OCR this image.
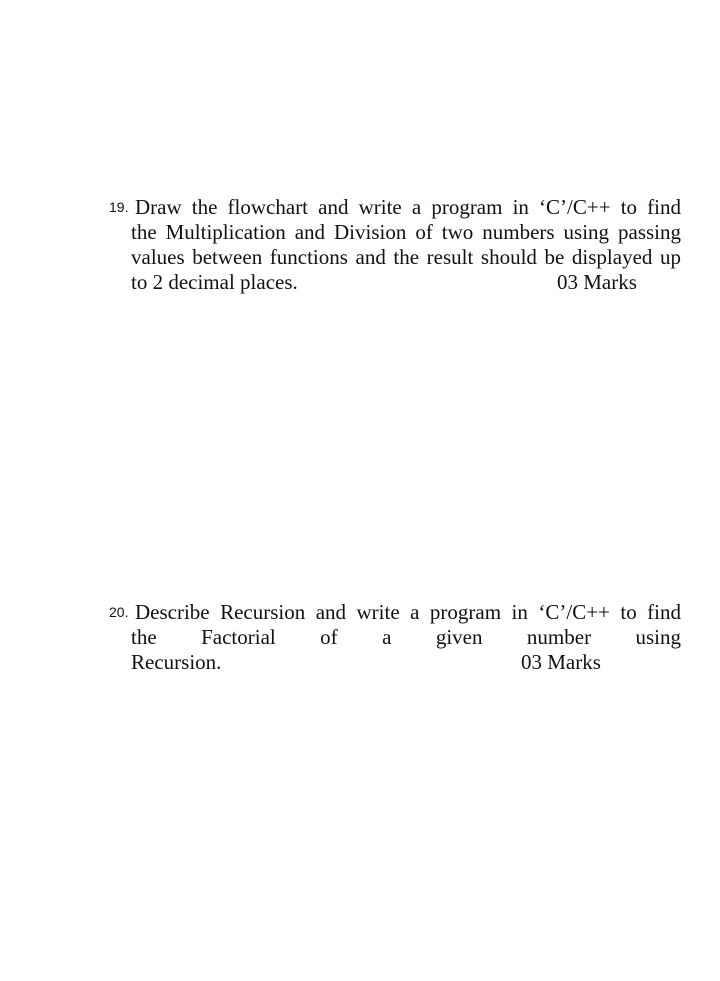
19. Draw the flowchart and write a program in ‘C’/C++ to find
the Multiplication and Division of two numbers using passing
values between functions and the result should be displayed up
to 2 decimal places.	03 Marks
20. Describe Recursion and write a program in ‘C’/C++ to find
the Factorial of a given number using
Recursion.	03 Marks
